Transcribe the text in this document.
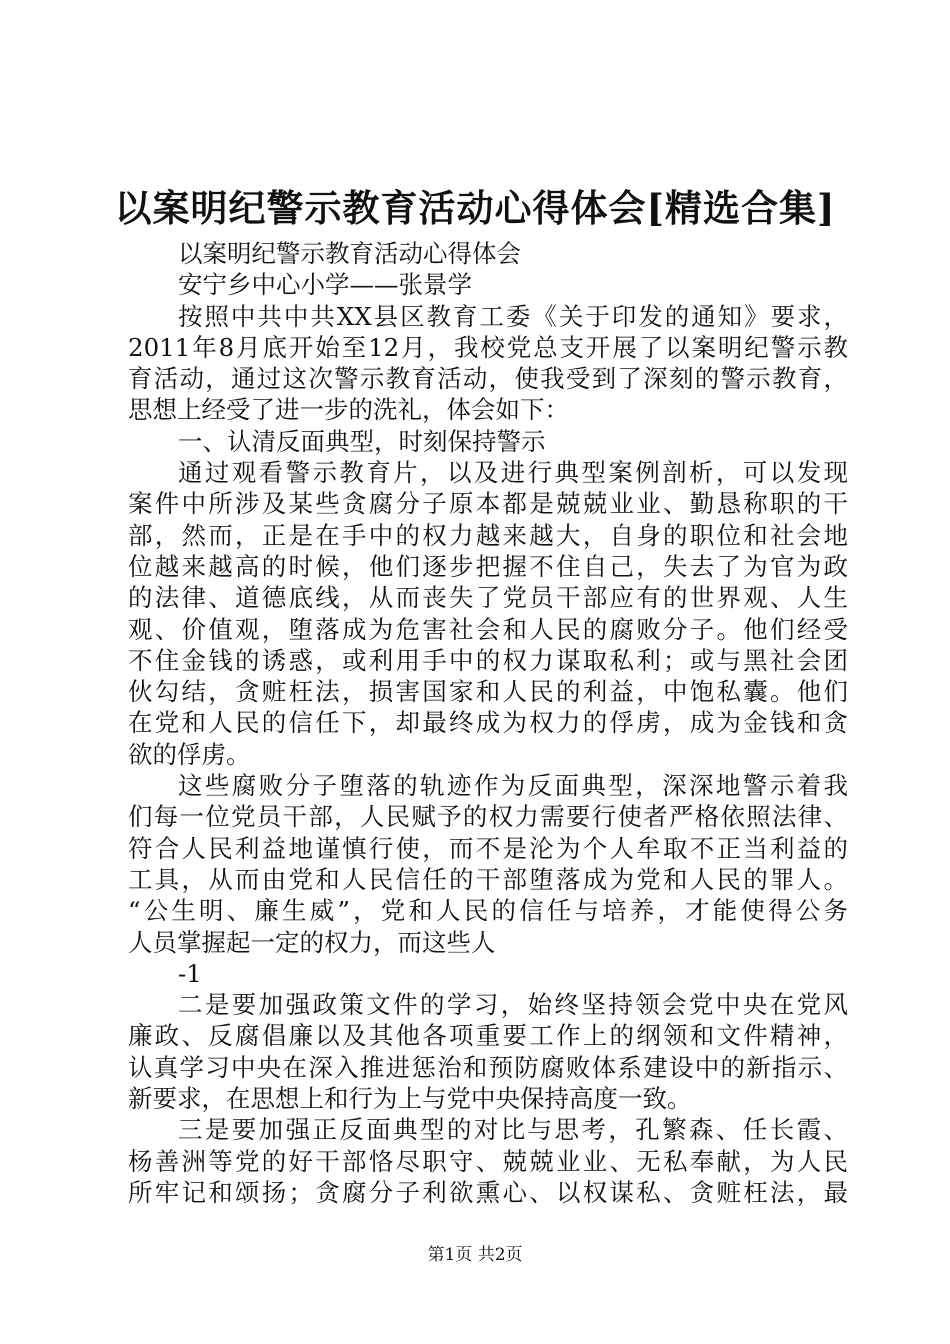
以案明纪警示教育活动心得体会[精选合集]
以案明纪警示教育活动心得体会
安宁乡中心小学——张景学
按照中共中共XX县区教育工委《关于印发的通知》要求，
2011年8月底开始至12月，我校党总支开展了以案明纪警示教
育活动，通过这次警示教育活动，使我受到了深刻的警示教育，
思想上经受了进一步的洗礼，体会如下：
一、认清反面典型，时刻保持警示
通过观看警示教育片，以及进行典型案例剖析，可以发现
案件中所涉及某些贪腐分子原本都是兢兢业业、勤恳称职的干
部，然而，正是在手中的权力越来越大，自身的职位和社会地
位越来越高的时候，他们逐步把握不住自己，失去了为官为政
的法律、道德底线，从而丧失了党员干部应有的世界观、人生
观、价值观，堕落成为危害社会和人民的腐败分子。他们经受
不住金钱的诱惑，或利用手中的权力谋取私利；或与黑社会团
伙勾结，贪赃枉法，损害国家和人民的利益，中饱私囊。他们
在党和人民的信任下，却最终成为权力的俘虏，成为金钱和贪
欲的俘虏。
这些腐败分子堕落的轨迹作为反面典型，深深地警示着我
们每一位党员干部，人民赋予的权力需要行使者严格依照法律、
符合人民利益地谨慎行使，而不是沦为个人牟取不正当利益的
工具，从而由党和人民信任的干部堕落成为党和人民的罪人。
“公生明、廉生威”，党和人民的信任与培养，才能使得公务
人员掌握起一定的权力，而这些人
-1
二是要加强政策文件的学习，始终坚持领会党中央在党风
廉政、反腐倡廉以及其他各项重要工作上的纲领和文件精神，
认真学习中央在深入推进惩治和预防腐败体系建设中的新指示、
新要求，在思想上和行为上与党中央保持高度一致。
三是要加强正反面典型的对比与思考，孔繁森、任长霞、
杨善洲等党的好干部恪尽职守、兢兢业业、无私奉献，为人民
所牢记和颂扬；贪腐分子利欲熏心、以权谋私、贪赃枉法，最
第1页 共2页
